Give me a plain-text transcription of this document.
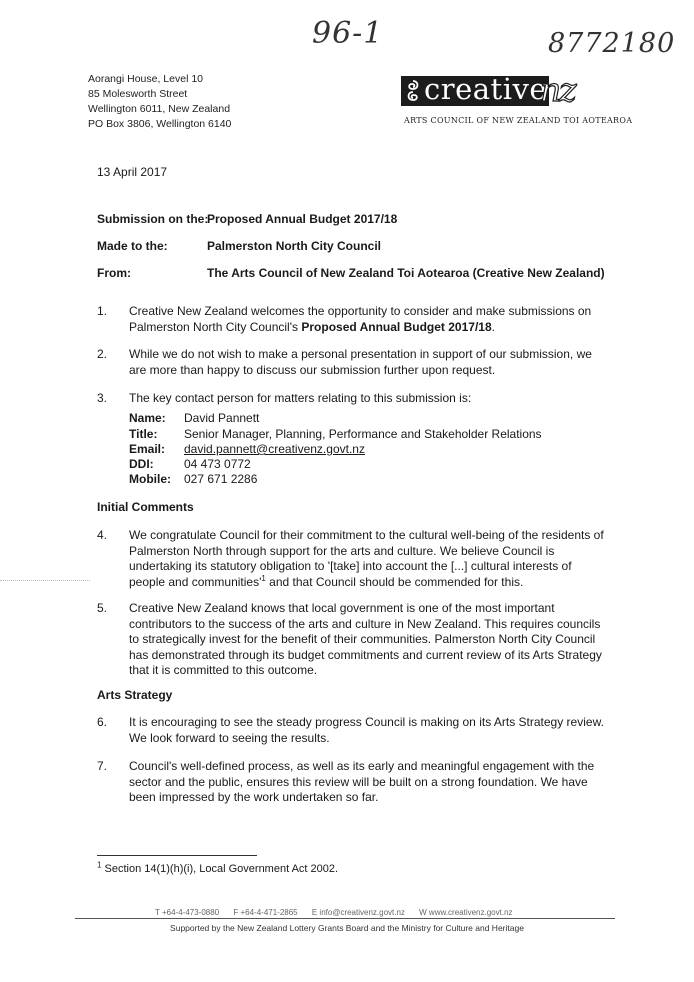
96-1	8772180
Aorangi House, Level 10
85 Molesworth Street
Wellington 6011, New Zealand
PO Box 3806, Wellington 6140
creative
nz
ARTS COUNCIL OF NEW ZEALAND TOI AOTEAROA
13 April 2017
Submission on the:
Proposed Annual Budget 2017/18
Made to the:	Palmerston North City Council
From:	The Arts Council of New Zealand Toi Aotearoa (Creative New Zealand)
1. Creative New Zealand welcomes the opportunity to consider and make submissions on Palmerston North City Council's Proposed Annual Budget 2017/18.
2. While we do not wish to make a personal presentation in support of our submission, we are more than happy to discuss our submission further upon request.
3. The key contact person for matters relating to this submission is:
Name: David Pannett
Title: Senior Manager, Planning, Performance and Stakeholder Relations
Email: david.pannett@creativenz.govt.nz
DDI:	04 473 0772
Mobile: 027 671 2286
Initial Comments
4. We congratulate Council for their commitment to the cultural well-being of the residents of Palmerston North through support for the arts and culture. We believe Council is undertaking its statutory obligation to '[take] into account the [...] cultural interests of people and $communities'^1$ and that Council should be commended for this.
5. Creative New Zealand knows that local government is one of the most important contributors to the success of the arts and culture in New Zealand. This requires councils to strategically invest for the benefit of their communities. Palmerston North City Council has demonstrated through its budget commitments and current review of its Arts Strategy that it is committed to this outcome.
Arts Strategy
6. It is encouraging to see the steady progress Council is making on its Arts Strategy review. We look forward to seeing the results.
7. Council's well-defined process, as well as its early and meaningful engagement with the sector and the public, ensures this review will be built on a strong foundation. We have been impressed by the work undertaken so far.
$^1$ Section 14(1)(h)(i), Local Government Act 2002.
T +64-4-473-0880 F +64-4-471-2865 E info@creativenz.govt.nz W www.creativenz.govt.nz
Supported by the New Zealand Lottery Grants Board and the Ministry for Culture and Heritage
